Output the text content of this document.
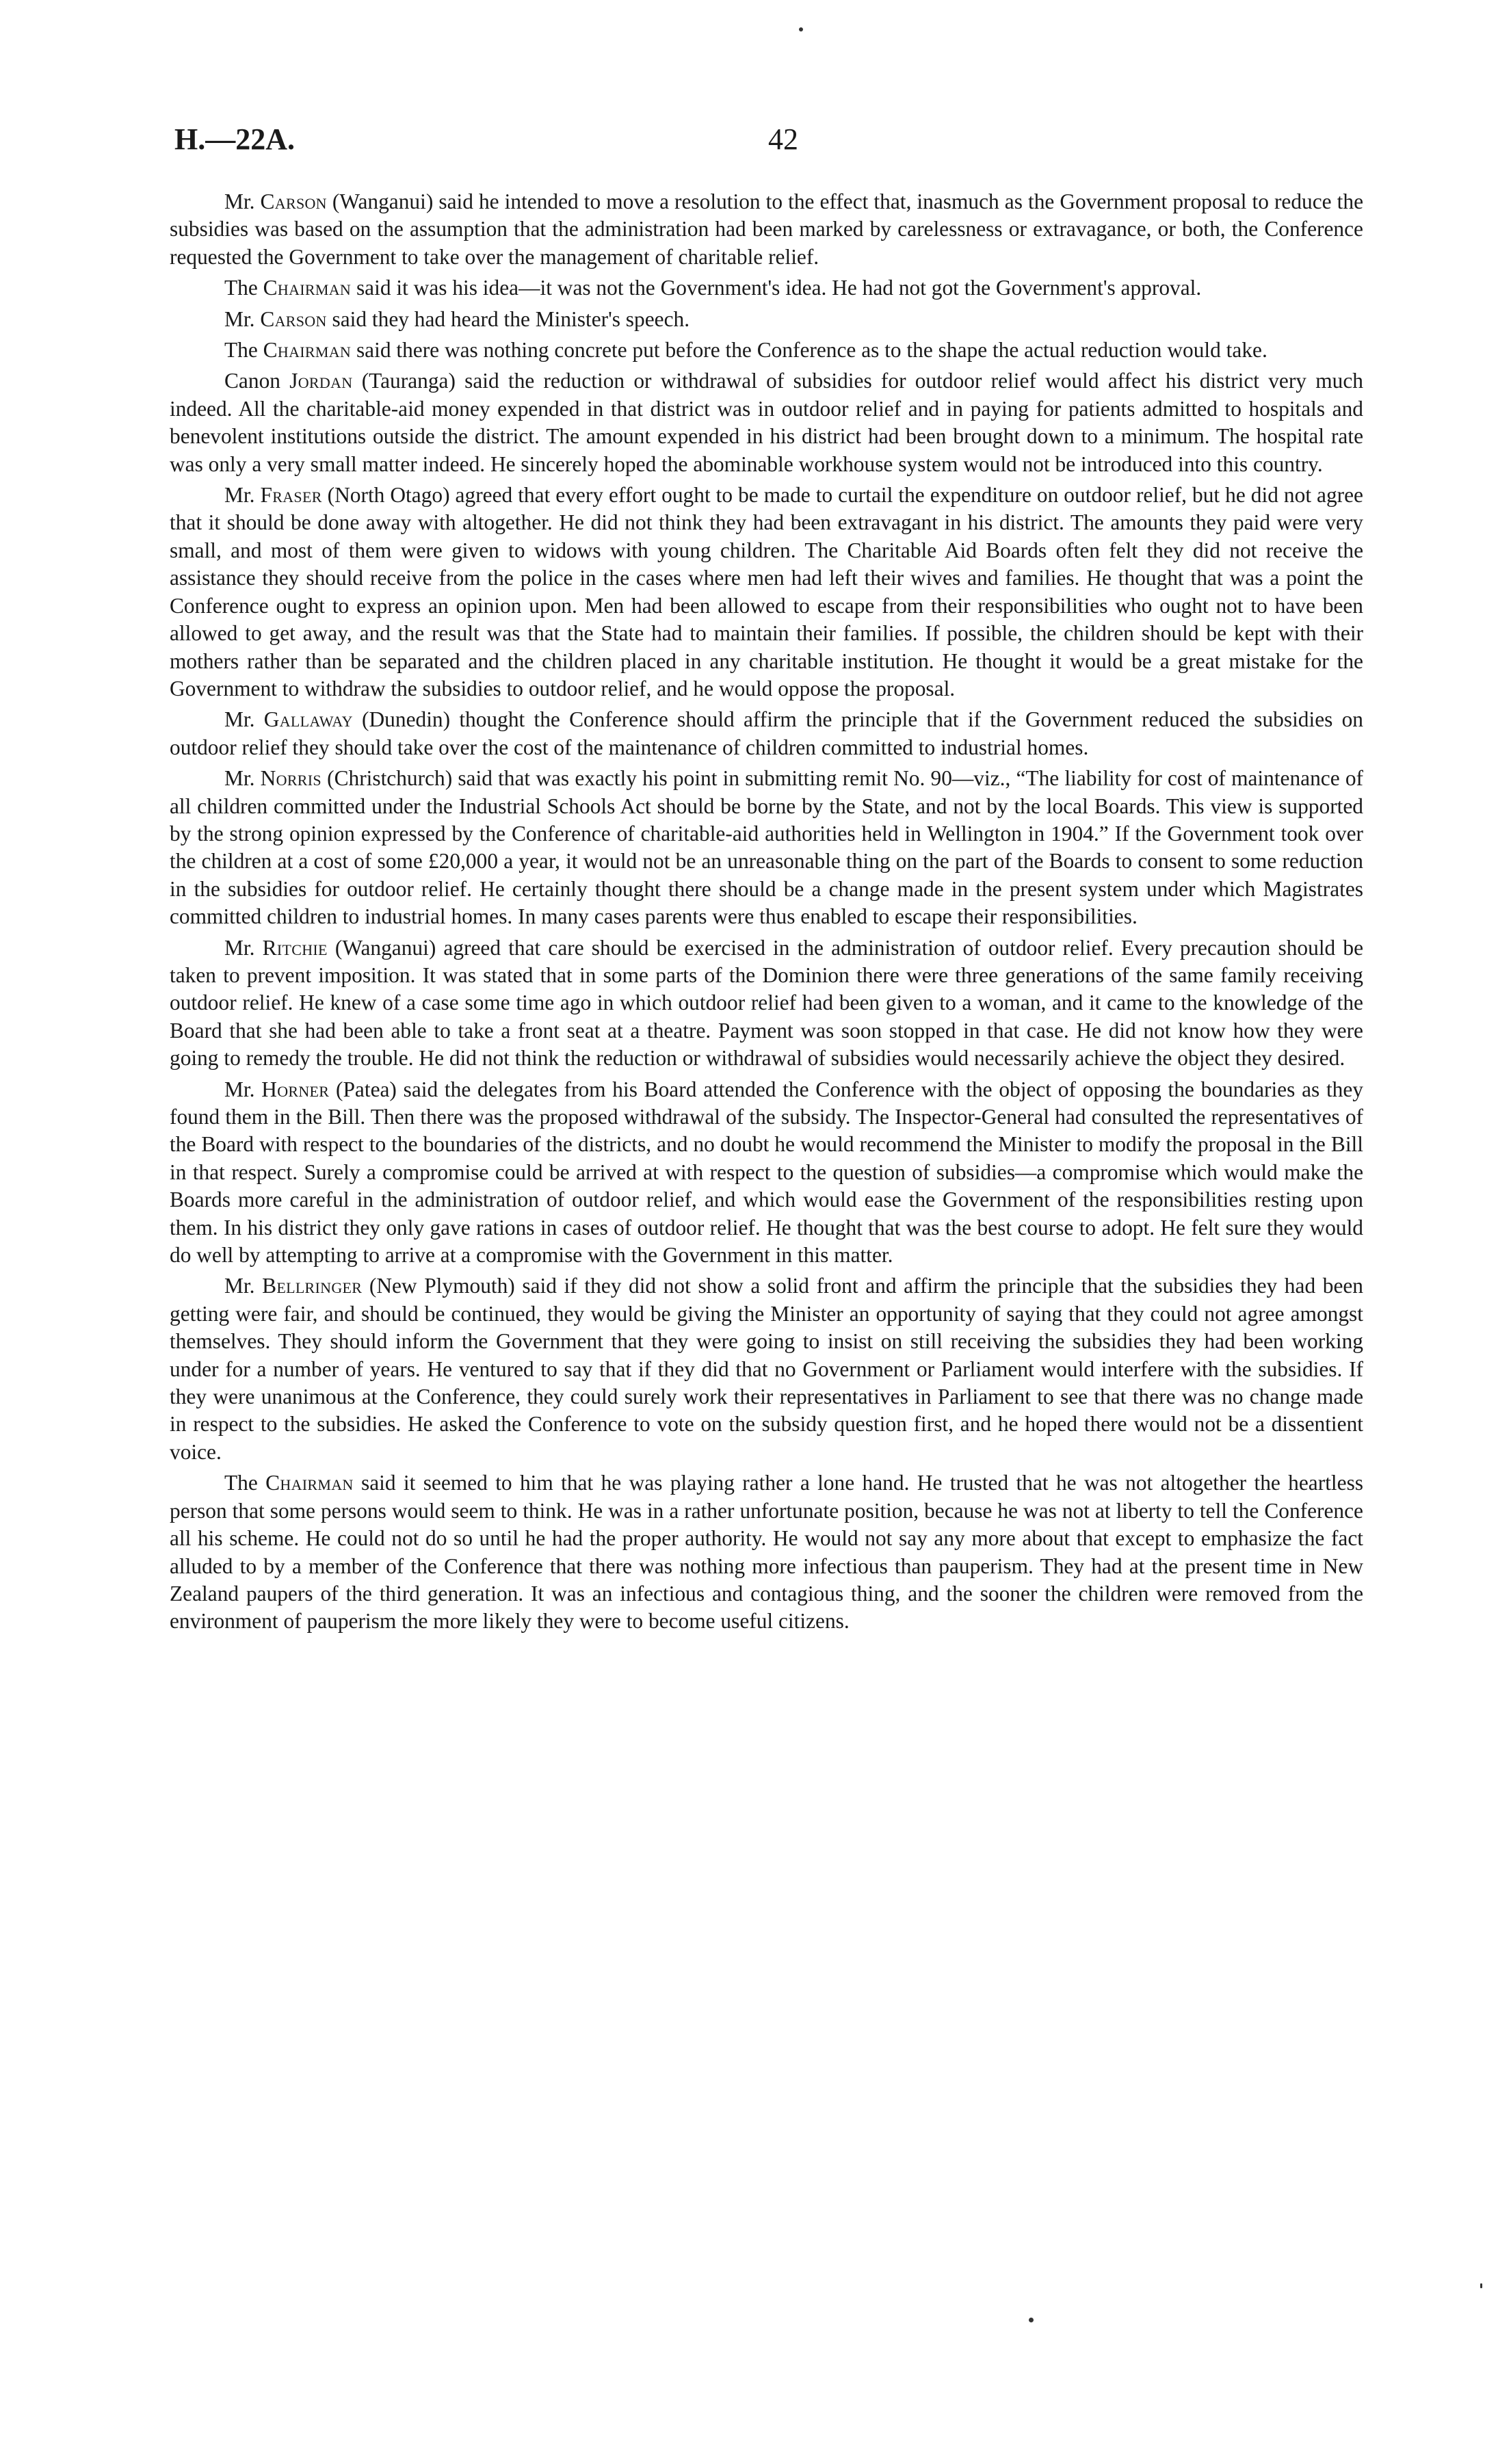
H.—22A.	42

Mr. Carson (Wanganui) said he intended to move a resolution to the effect that, inasmuch as the Government proposal to reduce the subsidies was based on the assumption that the administration had been marked by carelessness or extravagance, or both, the Conference requested the Government to take over the management of charitable relief.

The Chairman said it was his idea—it was not the Government's idea. He had not got the Government's approval.

Mr. Carson said they had heard the Minister's speech.

The Chairman said there was nothing concrete put before the Conference as to the shape the actual reduction would take.

Canon Jordan (Tauranga) said the reduction or withdrawal of subsidies for outdoor relief would affect his district very much indeed. All the charitable-aid money expended in that district was in outdoor relief and in paying for patients admitted to hospitals and benevolent institutions outside the district. The amount expended in his district had been brought down to a minimum. The hospital rate was only a very small matter indeed. He sincerely hoped the abominable workhouse system would not be introduced into this country.

Mr. Fraser (North Otago) agreed that every effort ought to be made to curtail the expenditure on outdoor relief, but he did not agree that it should be done away with altogether. He did not think they had been extravagant in his district. The amounts they paid were very small, and most of them were given to widows with young children. The Charitable Aid Boards often felt they did not receive the assistance they should receive from the police in the cases where men had left their wives and families. He thought that was a point the Conference ought to express an opinion upon. Men had been allowed to escape from their responsibilities who ought not to have been allowed to get away, and the result was that the State had to maintain their families. If possible, the children should be kept with their mothers rather than be separated and the children placed in any charitable institution. He thought it would be a great mistake for the Government to withdraw the subsidies to outdoor relief, and he would oppose the proposal.

Mr. Gallaway (Dunedin) thought the Conference should affirm the principle that if the Government reduced the subsidies on outdoor relief they should take over the cost of the maintenance of children committed to industrial homes.

Mr. Norris (Christchurch) said that was exactly his point in submitting remit No. 90—viz., “The liability for cost of maintenance of all children committed under the Industrial Schools Act should be borne by the State, and not by the local Boards. This view is supported by the strong opinion expressed by the Conference of charitable-aid authorities held in Wellington in 1904.” If the Government took over the children at a cost of some £20,000 a year, it would not be an unreasonable thing on the part of the Boards to consent to some reduction in the subsidies for outdoor relief. He certainly thought there should be a change made in the present system under which Magistrates committed children to industrial homes. In many cases parents were thus enabled to escape their responsibilities.

Mr. Ritchie (Wanganui) agreed that care should be exercised in the administration of outdoor relief. Every precaution should be taken to prevent imposition. It was stated that in some parts of the Dominion there were three generations of the same family receiving outdoor relief. He knew of a case some time ago in which outdoor relief had been given to a woman, and it came to the knowledge of the Board that she had been able to take a front seat at a theatre. Payment was soon stopped in that case. He did not know how they were going to remedy the trouble. He did not think the reduction or withdrawal of subsidies would necessarily achieve the object they desired.

Mr. Horner (Patea) said the delegates from his Board attended the Conference with the object of opposing the boundaries as they found them in the Bill. Then there was the proposed withdrawal of the subsidy. The Inspector-General had consulted the representatives of the Board with respect to the boundaries of the districts, and no doubt he would recommend the Minister to modify the proposal in the Bill in that respect. Surely a compromise could be arrived at with respect to the question of subsidies—a compromise which would make the Boards more careful in the administration of outdoor relief, and which would ease the Government of the responsibilities resting upon them. In his district they only gave rations in cases of outdoor relief. He thought that was the best course to adopt. He felt sure they would do well by attempting to arrive at a compromise with the Government in this matter.

Mr. Bellringer (New Plymouth) said if they did not show a solid front and affirm the principle that the subsidies they had been getting were fair, and should be continued, they would be giving the Minister an opportunity of saying that they could not agree amongst themselves. They should inform the Government that they were going to insist on still receiving the subsidies they had been working under for a number of years. He ventured to say that if they did that no Government or Parliament would interfere with the subsidies. If they were unanimous at the Conference, they could surely work their representatives in Parliament to see that there was no change made in respect to the subsidies. He asked the Conference to vote on the subsidy question first, and he hoped there would not be a dissentient voice.

The Chairman said it seemed to him that he was playing rather a lone hand. He trusted that he was not altogether the heartless person that some persons would seem to think. He was in a rather unfortunate position, because he was not at liberty to tell the Conference all his scheme. He could not do so until he had the proper authority. He would not say any more about that except to emphasize the fact alluded to by a member of the Conference that there was nothing more infectious than pauperism. They had at the present time in New Zealand paupers of the third generation. It was an infectious and contagious thing, and the sooner the children were removed from the environment of pauperism the more likely they were to become useful citizens.
